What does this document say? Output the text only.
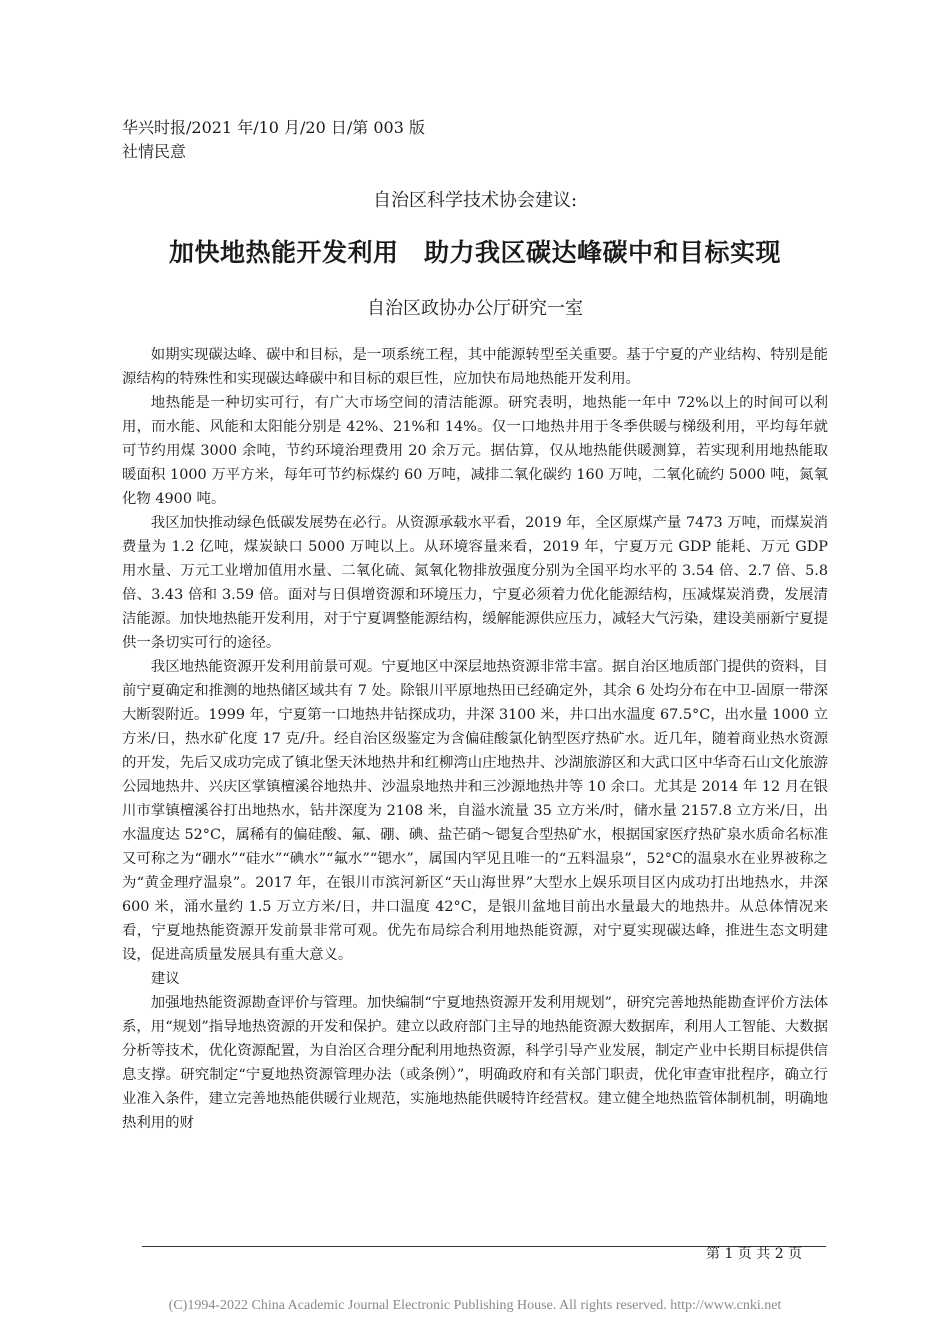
华兴时报/2021 年/10 月/20 日/第 003 版
社情民意
自治区科学技术协会建议:
加快地热能开发利用　助力我区碳达峰碳中和目标实现
自治区政协办公厅研究一室

如期实现碳达峰、碳中和目标，是一项系统工程，其中能源转型至关重要。基于宁夏的产业结构、特别是能源结构的特殊性和实现碳达峰碳中和目标的艰巨性，应加快布局地热能开发利用。

地热能是一种切实可行，有广大市场空间的清洁能源。研究表明，地热能一年中 72%以上的时间可以利用，而水能、风能和太阳能分别是 42%、21%和 14%。仅一口地热井用于冬季供暖与梯级利用，平均每年就可节约用煤 3000 余吨，节约环境治理费用 20 余万元。据估算，仅从地热能供暖测算，若实现利用地热能取暖面积 1000 万平方米，每年可节约标煤约 60 万吨，减排二氧化碳约 160 万吨，二氧化硫约 5000 吨，氮氧化物 4900 吨。

我区加快推动绿色低碳发展势在必行。从资源承载水平看，2019 年，全区原煤产量 7473 万吨，而煤炭消费量为 1.2 亿吨，煤炭缺口 5000 万吨以上。从环境容量来看，2019 年，宁夏万元 GDP 能耗、万元 GDP 用水量、万元工业增加值用水量、二氧化硫、氮氧化物排放强度分别为全国平均水平的 3.54 倍、2.7 倍、5.8 倍、3.43 倍和 3.59 倍。面对与日俱增资源和环境压力，宁夏必须着力优化能源结构，压减煤炭消费，发展清洁能源。加快地热能开发利用，对于宁夏调整能源结构，缓解能源供应压力，减轻大气污染，建设美丽新宁夏提供一条切实可行的途径。

我区地热能资源开发利用前景可观。宁夏地区中深层地热资源非常丰富。据自治区地质部门提供的资料，目前宁夏确定和推测的地热储区域共有 7 处。除银川平原地热田已经确定外，其余 6 处均分布在中卫-固原一带深大断裂附近。1999 年，宁夏第一口地热井钻探成功，井深 3100 米，井口出水温度 67.5°C，出水量 1000 立方米/日，热水矿化度 17 克/升。经自治区级鉴定为含偏硅酸氯化钠型医疗热矿水。近几年，随着商业热水资源的开发，先后又成功完成了镇北堡天沐地热井和红柳湾山庄地热井、沙湖旅游区和大武口区中华奇石山文化旅游公园地热井、兴庆区掌镇檀溪谷地热井、沙温泉地热井和三沙源地热井等 10 余口。尤其是 2014 年 12 月在银川市掌镇檀溪谷打出地热水，钻井深度为 2108 米，自溢水流量 35 立方米/时，储水量 2157.8 立方米/日，出水温度达 52°C，属稀有的偏硅酸、氟、硼、碘、盐芒硝～锶复合型热矿水，根据国家医疗热矿泉水质命名标准又可称之为“硼水”“硅水”“碘水”“氟水”“锶水”，属国内罕见且唯一的“五料温泉”，52°C的温泉水在业界被称之为“黄金理疗温泉”。2017 年，在银川市滨河新区“天山海世界”大型水上娱乐项目区内成功打出地热水，井深 600 米，涌水量约 1.5 万立方米/日，井口温度 42°C，是银川盆地目前出水量最大的地热井。从总体情况来看，宁夏地热能资源开发前景非常可观。优先布局综合利用地热能资源，对宁夏实现碳达峰，推进生态文明建设，促进高质量发展具有重大意义。

建议

加强地热能资源勘查评价与管理。加快编制“宁夏地热资源开发利用规划”，研究完善地热能勘查评价方法体系，用“规划”指导地热资源的开发和保护。建立以政府部门主导的地热能资源大数据库，利用人工智能、大数据分析等技术，优化资源配置，为自治区合理分配利用地热资源，科学引导产业发展，制定产业中长期目标提供信息支撑。研究制定“宁夏地热资源管理办法（或条例）”，明确政府和有关部门职责，优化审查审批程序，确立行业准入条件，建立完善地热能供暖行业规范，实施地热能供暖特许经营权。建立健全地热监管体制机制，明确地热利用的财

第 1 页 共 2 页
(C)1994-2022 China Academic Journal Electronic Publishing House. All rights reserved. http://www.cnki.net
